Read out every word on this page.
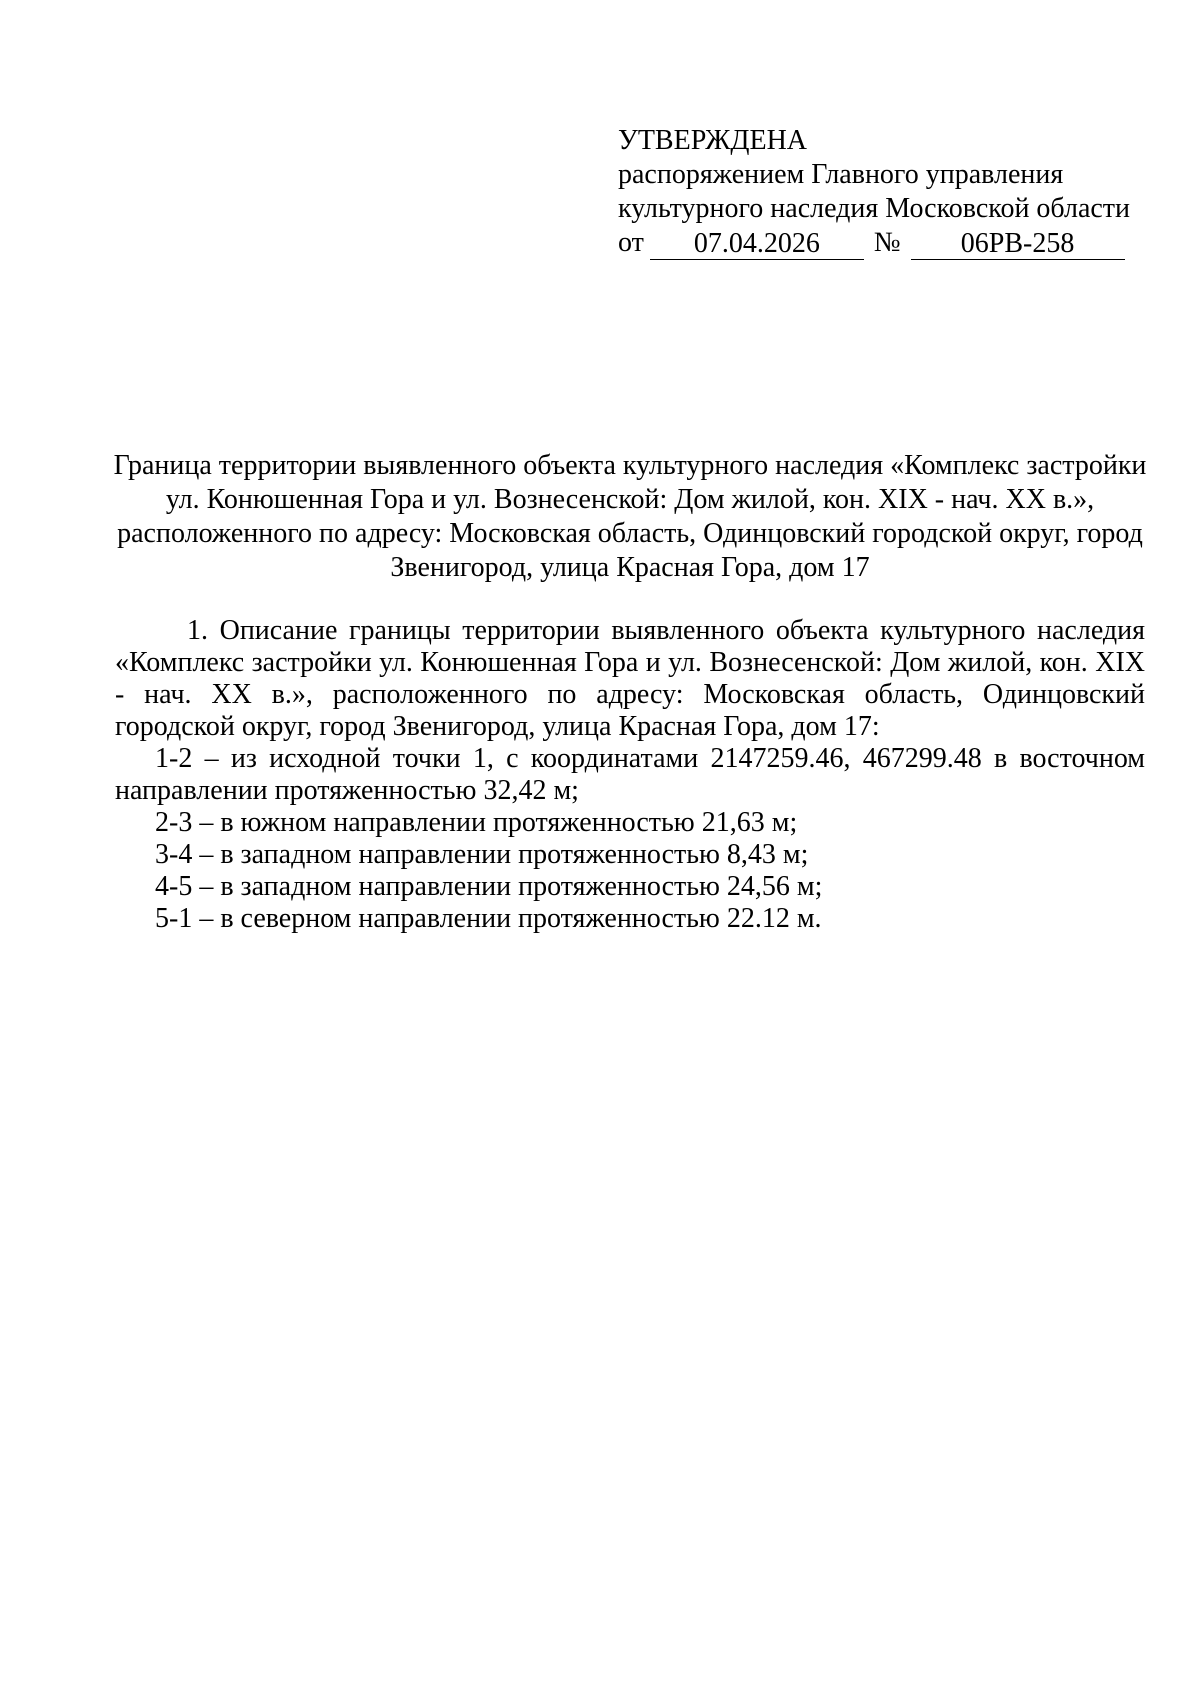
УТВЕРЖДЕНА
распоряжением Главного управления
культурного наследия Московской области
от	07.04.2026	№	06РВ-258
Граница территории выявленного объекта культурного наследия «Комплекс застройки ул. Конюшенная Гора и ул. Вознесенской: Дом жилой, кон. XIX - нач. XX в.», расположенного по адресу: Московская область, Одинцовский городской округ, город Звенигород, улица Красная Гора, дом 17

1. Описание границы территории выявленного объекта культурного наследия «Комплекс застройки ул. Конюшенная Гора и ул. Вознесенской: Дом жилой, кон. XIX - нач. XX в.», расположенного по адресу: Московская область, Одинцовский городской округ, город Звенигород, улица Красная Гора, дом 17:

1-2 – из исходной точки 1, с координатами 2147259.46, 467299.48 в восточном направлении протяженностью 32,42 м;

2-3 – в южном направлении протяженностью 21,63 м;

3-4 – в западном направлении протяженностью 8,43 м;

4-5 – в западном направлении протяженностью 24,56 м;

5-1 – в северном направлении протяженностью 22.12 м.
